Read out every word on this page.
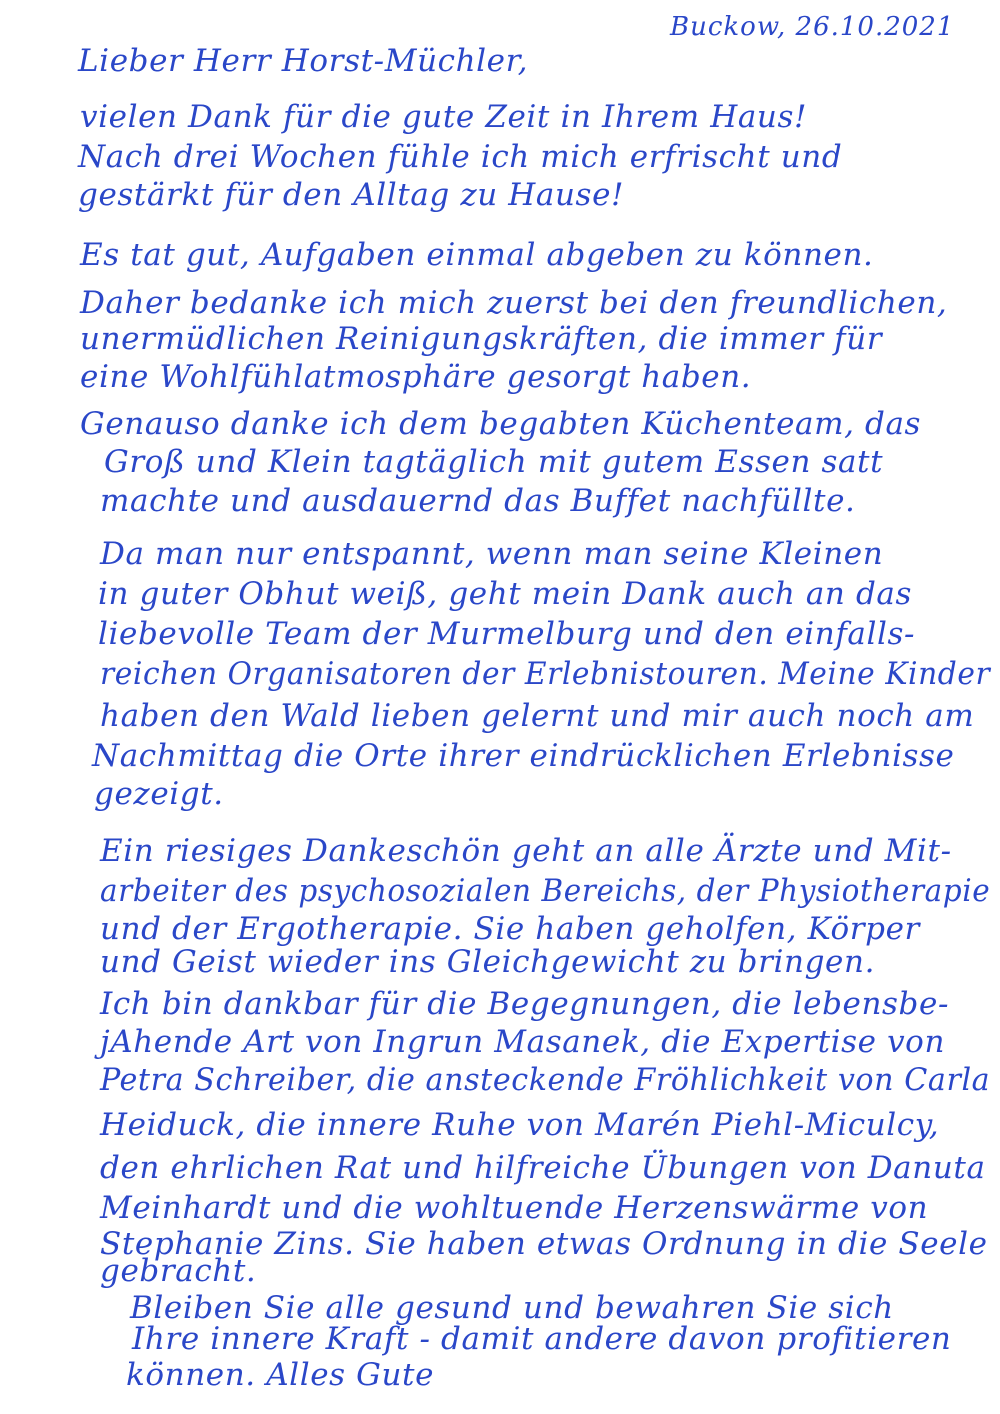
Buckow, 26.10.2021
Lieber Herr Horst-Müchler,
vielen Dank für die gute Zeit in Ihrem Haus!
Nach drei Wochen fühle ich mich erfrischt und
gestärkt für den Alltag zu Hause!
Es tat gut, Aufgaben einmal abgeben zu können.
Daher bedanke ich mich zuerst bei den freundlichen,
unermüdlichen Reinigungskräften, die immer für
eine Wohlfühlatmosphäre gesorgt haben.
Genauso danke ich dem begabten Küchenteam, das
Groß und Klein tagtäglich mit gutem Essen satt
machte und ausdauernd das Buffet nachfüllte.
Da man nur entspannt, wenn man seine Kleinen
in guter Obhut weiß, geht mein Dank auch an das
liebevolle Team der Murmelburg und den einfalls-
reichen Organisatoren der Erlebnistouren. Meine Kinder
haben den Wald lieben gelernt und mir auch noch am
Nachmittag die Orte ihrer eindrücklichen Erlebnisse
gezeigt.
Ein riesiges Dankeschön geht an alle Ärzte und Mit-
arbeiter des psychosozialen Bereichs, der Physiotherapie
und der Ergotherapie. Sie haben geholfen, Körper
und Geist wieder ins Gleichgewicht zu bringen.
Ich bin dankbar für die Begegnungen, die lebensbe-
jAhende Art von Ingrun Masanek, die Expertise von
Petra Schreiber, die ansteckende Fröhlichkeit von Carla
Heiduck, die innere Ruhe von Marén Piehl-Miculcy,
den ehrlichen Rat und hilfreiche Übungen von Danuta
Meinhardt und die wohltuende Herzenswärme von
Stephanie Zins. Sie haben etwas Ordnung in die Seele
gebracht.
Bleiben Sie alle gesund und bewahren Sie sich
Ihre innere Kraft - damit andere davon profitieren
können. Alles Gute
